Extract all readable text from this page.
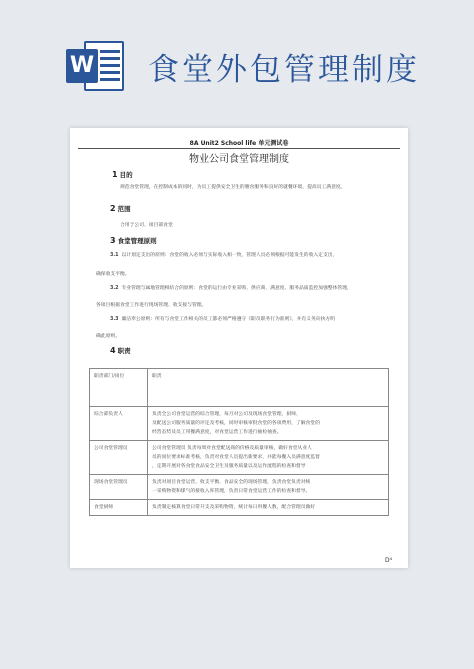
W 食堂外包管理制度
8A Unit2 School life 单元测试卷
物业公司食堂管理制度
1 目的
规范食堂管理，在控制成本的同时，为员工提供安全卫生的膳食服务和良好的就餐环境，提高员工满意度。
2 范围
合用于公司、项目部食堂
3 食堂管理原则
3.1 以计划定支出的原则：食堂的收入必须与实际收入相一致，管理人员必须根据可能发生的收入定支出，
确保收支平衡。
3.2 专业管理与属地管理相结合的原则：食堂的运行由专业采购、供应商、满意度、服务品质监控加强整体管理，
各项目根据食堂工作进行现场管理、收支接与管理。
3.3 廉洁奉公原则：所有与食堂工作相关的员工都必须严格遵守《职员职务行为准则》，并有义务向执方明
确此原则。
4 职责
职责部门/岗位	职责
综合部负责人	负责全公司食堂运营的综合管理，每月对公司及现场食堂管理、厨师、
及配送公司服务质量的评定及考核，同时审核审批食堂的各项费用，了解食堂的
经营态势及员工用餐满意度，对食堂运营工作进行抽检抽查。

公司食堂管理员	公司食堂管理员 负责每周对食堂配送商的价格及质量审核，做好食堂从业人
员的岗位要求标准考核，负责对食堂人员提出新要求，并能每餐入员满意度监督
，定期开展对各食堂食品安全卫生及服务质量以及运作流程的检查和督导

现场食堂管理员	负责对项目食堂运营、收支平衡、食品安全的现场管理，负责食堂负责对统
一采购物资和煤气的接收入库管理，负责日常食堂运营工作的检查和督导。

食堂厨师	负责制定核算食堂日常开支及采购物资，统计每日用餐人数，配合管理员做好
D⁴
